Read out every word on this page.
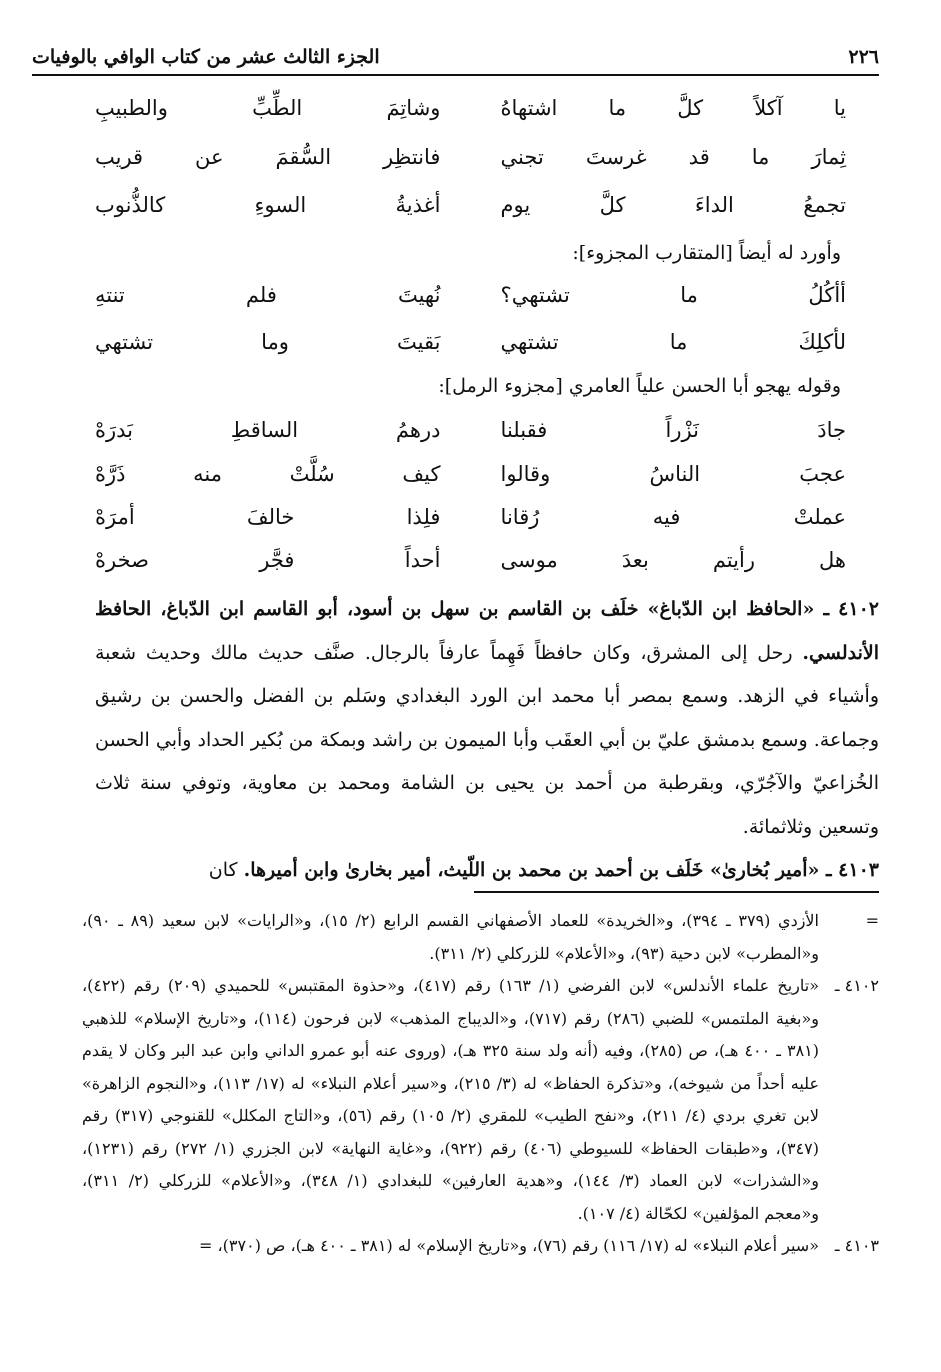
٢٢٦
الجزء الثالث عشر من كتاب الوافي بالوفيات
يا آكلاً كلَّ ما اشتهاهُ
وشاتِمَ الطِّبِّ والطبيبِ
ثِمارَ ما قد غرستَ تجني
فانتظِر السُّقمَ عن قريب
تجمعُ الداءَ كلَّ يوم
أغذيةُ السوءِ كالذُّنوب
وأورد له أيضاً [المتقارب المجزوء]:
أأكُلُ ما تشتهي؟
نُهيتَ فلم تنتهِ
لأكلِكَ ما تشتهي
بَقيتَ وما تشتهي
وقوله يهجو أبا الحسن علياً العامري [مجزوء الرمل]:
جادَ نَزْراً فقبلنا
درهمُ الساقطِ بَدرَهْ
عجبَ الناسُ وقالوا
كيف سُلَّتْ منه ذَرَّهْ
عملتْ فيه رُقانا
فلِذا خالفَ أمرَهْ
هل رأيتم بعدَ موسى
أحداً فجَّر صخرهْ

٤١٠٢ ـ «الحافظ ابن الدّباغ» خلَف بن القاسم بن سهل بن أسود، أبو القاسم ابن الدّباغ، الحافظ الأندلسي. رحل إلى المشرق، وكان حافظاً فَهِماً عارفاً بالرجال. صنَّف حديث مالك وحديث شعبة وأشياء في الزهد. وسمع بمصر أبا محمد ابن الورد البغدادي وسَلم بن الفضل والحسن بن رشيق وجماعة. وسمع بدمشق عليّ بن أبي العقَب وأبا الميمون بن راشد وبمكة من بُكير الحداد وأبي الحسن الخُزاعيّ والآجُرّي، وبقرطبة من أحمد بن يحيى بن الشامة ومحمد بن معاوية، وتوفي سنة ثلاث وتسعين وثلاثمائة.

٤١٠٣ ـ «أمير بُخارىٰ» خَلَف بن أحمد بن محمد بن اللّيث، أمير بخارىٰ وابن أميرها. كان

=
الأزدي (٣٧٩ ـ ٣٩٤)، و«الخريدة» للعماد الأصفهاني القسم الرابع (٢/ ١٥)، و«الرايات» لابن سعيد (٨٩ ـ ٩٠)، و«المطرب» لابن دحية (٩٣)، و«الأعلام» للزركلي (٢/ ٣١١).
٤١٠٢ ـ
«تاريخ علماء الأندلس» لابن الفرضي (١/ ١٦٣) رقم (٤١٧)، و«حذوة المقتبس» للحميدي (٢٠٩) رقم (٤٢٢)، و«بغية الملتمس» للضبي (٢٨٦) رقم (٧١٧)، و«الديباج المذهب» لابن فرحون (١١٤)، و«تاريخ الإسلام» للذهبي (٣٨١ ـ ٤٠٠ هـ)، ص (٢٨٥)، وفيه (أنه ولد سنة ٣٢٥ هـ)، (وروى عنه أبو عمرو الداني وابن عبد البر وكان لا يقدم عليه أحداً من شيوخه)، و«تذكرة الحفاظ» له (٣/ ٢١٥)، و«سير أعلام النبلاء» له (١٧/ ١١٣)، و«النجوم الزاهرة» لابن تغري بردي (٤/ ٢١١)، و«نفح الطيب» للمقري (٢/ ١٠٥) رقم (٥٦)، و«التاج المكلل» للقنوجي (٣١٧) رقم (٣٤٧)، و«طبقات الحفاظ» للسيوطي (٤٠٦) رقم (٩٢٢)، و«غاية النهاية» لابن الجزري (١/ ٢٧٢) رقم (١٢٣١)، و«الشذرات» لابن العماد (٣/ ١٤٤)، و«هدية العارفين» للبغدادي (١/ ٣٤٨)، و«الأعلام» للزركلي (٢/ ٣١١)، و«معجم المؤلفين» لكحّالة (٤/ ١٠٧).
٤١٠٣ ـ
«سير أعلام النبلاء» له (١٧/ ١١٦) رقم (٧٦)، و«تاريخ الإسلام» له (٣٨١ ـ ٤٠٠ هـ)، ص (٣٧٠)، =
